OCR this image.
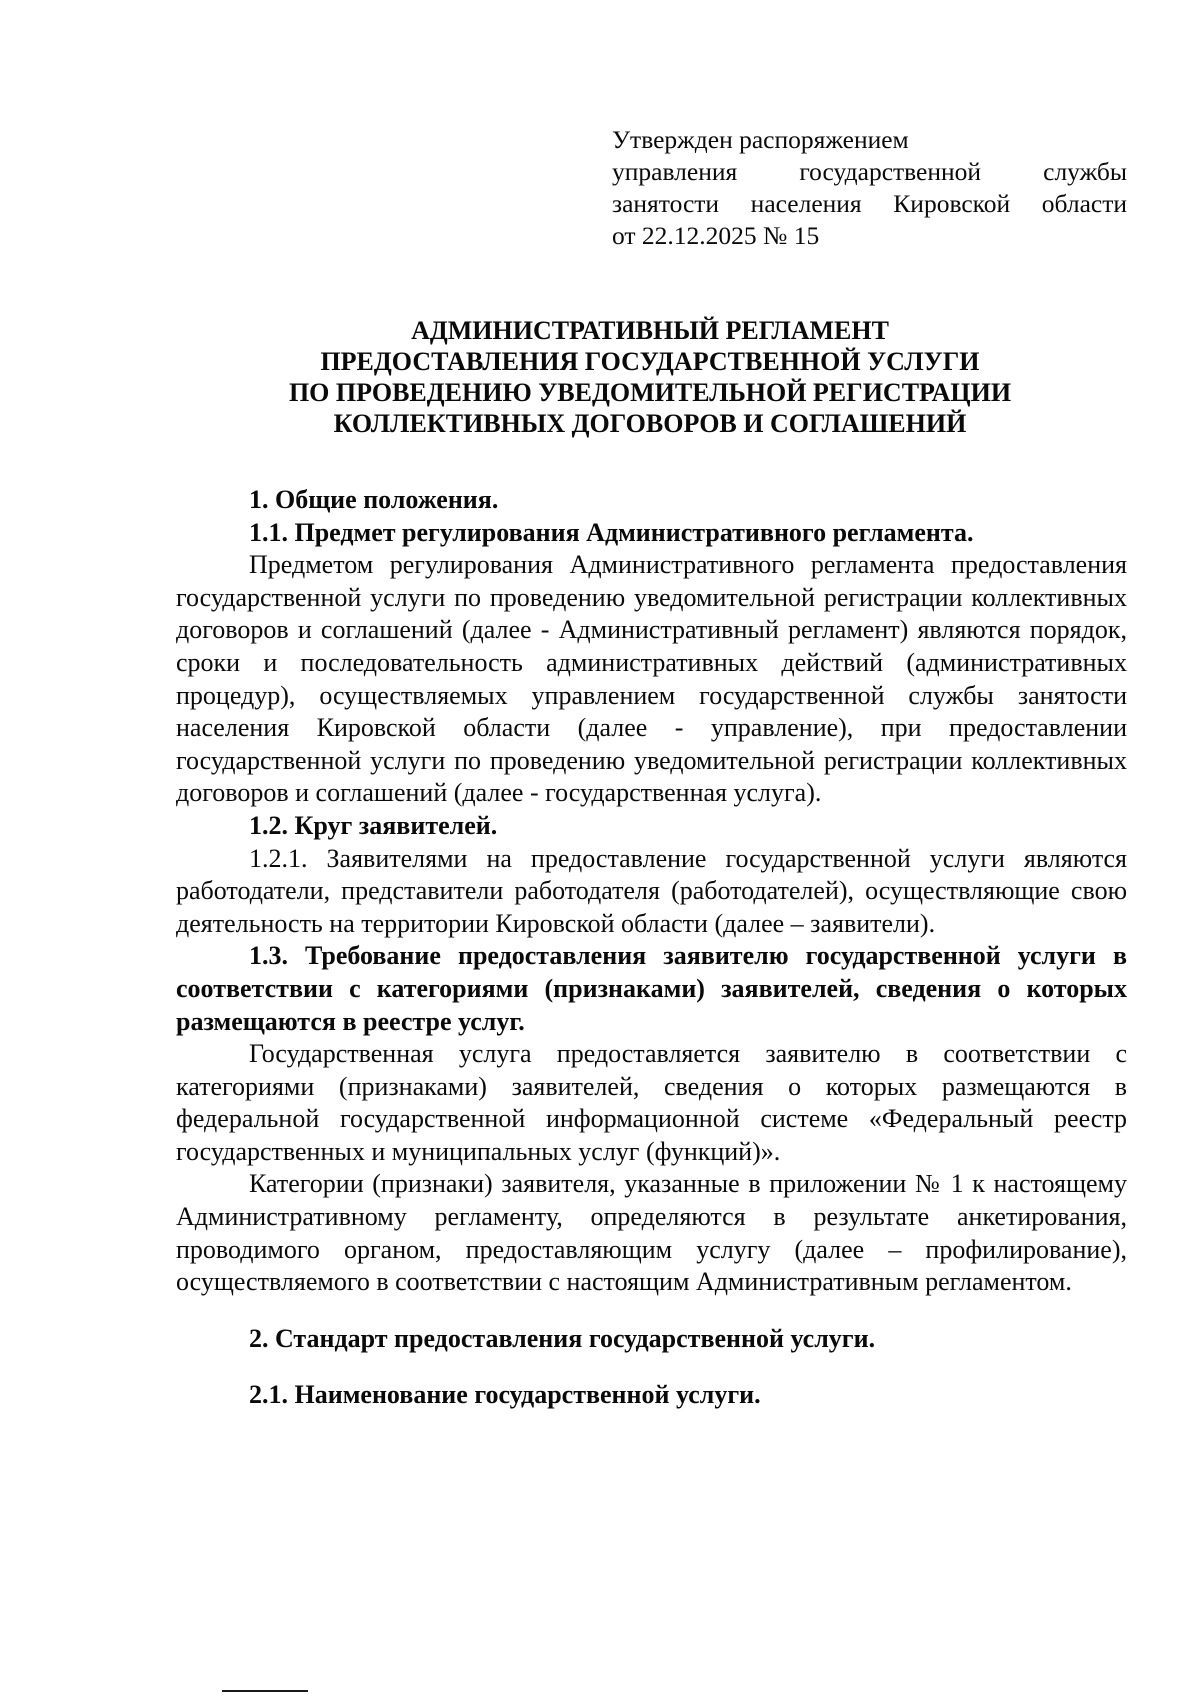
Утвержден распоряжением
управления государственной службы
занятости населения Кировской области
от 22.12.2025 № 15
АДМИНИСТРАТИВНЫЙ РЕГЛАМЕНТ
ПРЕДОСТАВЛЕНИЯ ГОСУДАРСТВЕННОЙ УСЛУГИ
ПО ПРОВЕДЕНИЮ УВЕДОМИТЕЛЬНОЙ РЕГИСТРАЦИИ
КОЛЛЕКТИВНЫХ ДОГОВОРОВ И СОГЛАШЕНИЙ

1. Общие положения.

1.1. Предмет регулирования Административного регламента.

Предметом регулирования Административного регламента предоставления государственной услуги по проведению уведомительной регистрации коллективных договоров и соглашений (далее - Административный регламент) являются порядок, сроки и последовательность административных действий (административных процедур), осуществляемых управлением государственной службы занятости населения Кировской области (далее - управление), при предоставлении государственной услуги по проведению уведомительной регистрации коллективных договоров и соглашений (далее - государственная услуга).

1.2. Круг заявителей.

1.2.1. Заявителями на предоставление государственной услуги являются работодатели, представители работодателя (работодателей), осуществляющие свою деятельность на территории Кировской области (далее – заявители).

1.3. Требование предоставления заявителю государственной услуги в соответствии с категориями (признаками) заявителей, сведения о которых размещаются в реестре услуг.

Государственная услуга предоставляется заявителю в соответствии с категориями (признаками) заявителей, сведения о которых размещаются в федеральной государственной информационной системе «Федеральный реестр государственных и муниципальных услуг (функций)».

Категории (признаки) заявителя, указанные в приложении № 1 к настоящему Административному регламенту, определяются в результате анкетирования, проводимого органом, предоставляющим услугу (далее – профилирование), осуществляемого в соответствии с настоящим Административным регламентом.

2. Стандарт предоставления государственной услуги.

2.1. Наименование государственной услуги.
